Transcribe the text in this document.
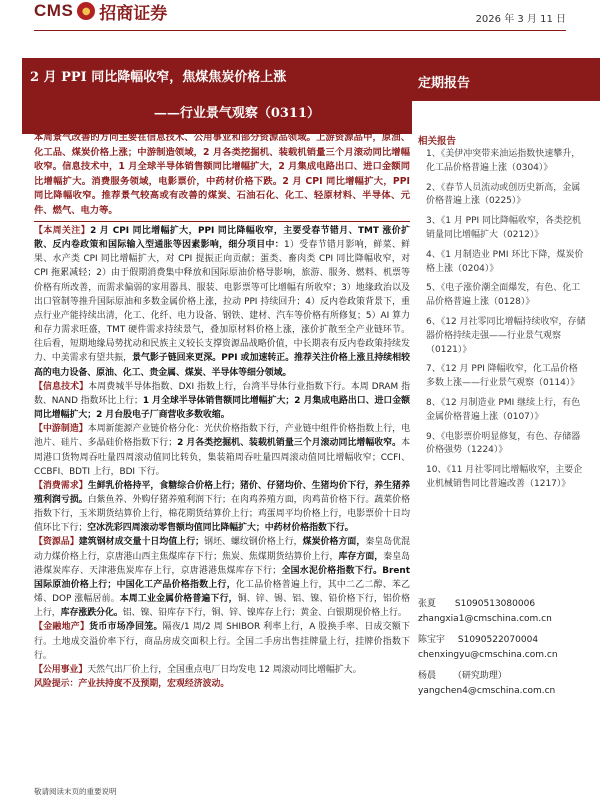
CMS ● 招商证券	2026 年 3 月 11 日
2 月 PPI 同比降幅收窄，焦煤焦炭价格上涨
——行业景气观察（0311）
定期报告
本周景气改善的方向主要在信息技术、公用事业和部分资源品领域。上游资源品中，原油、化工品、煤炭价格上涨；中游制造领域，2 月各类挖掘机、装载机销量三个月滚动同比增幅收窄。信息技术中，1 月全球半导体销售额同比增幅扩大，2 月集成电路出口、进口金额同比增幅扩大。消费服务领域，电影票价，中药材价格下跌。2 月 CPI 同比增幅扩大，PPI 同比降幅收窄。推荐景气较高或有改善的煤炭、石油石化、化工、轻原材料、半导体、元件、燃气、电力等。

【本周关注】2 月 CPI 同比增幅扩大，PPI 同比降幅收窄，主要受春节错月、TMT 涨价扩散、反内卷政策和国际输入型通胀等因素影响，细分项目中：1）受春节错月影响，鲜菜、鲜果、水产类 CPI 同比增幅扩大，对 CPI 提振正向贡献；蛋类、畜肉类 CPI 同比降幅收窄，对 CPI 拖累减轻；2）由于假期消费集中释放和国际原油价格导影响，旅游、服务、燃料、机票等价格有所改善，而需求偏弱的家用器具、服装、电影票等可比增幅有所收窄；3）地缘政治以及出口管制等推升国际原油和多数金属价格上涨，拉动 PPI 持续回升；4）反内卷政策背景下，重点行业产能持续出清，化工、化纤、电力设备、钢铁、建材、汽车等价格有所修复；5）AI 算力和存力需求旺盛，TMT 硬件需求持续景气，叠加原材料价格上涨，涨价扩散至全产业链环节。往后看，短期地缘局势扰动和民族主义较长支撑资源品战略价值，中长期表有反内卷政策持续发力、中美需求有望共振，景气影子链回来更深。PPI 或加速转正。推荐关注价格上涨且持续相较高的电力设备、原油、化工、贵金属、煤炭、半导体等细分领域。

【信息技术】本周费城半导体指数、DXI 指数上行，台湾半导体行业指数下行。本周 DRAM 指数、NAND 指数环比上行；1 月全球半导体销售额同比增幅扩大；2 月集成电路出口、进口金额同比增幅扩大；2 月台股电子厂商营收多数收缩。

【中游制造】本周新能源产业链价格分化：光伏价格指数下行，产业链中组件价格指数上行，电池片、硅片、多晶硅价格指数下行；2 月各类挖掘机、装载机销量三个月滚动同比增幅收窄。本周港口货物周吞吐量四周滚动值同比转负，集装箱周吞吐量四周滚动值同比增幅收窄；CCFI、CCBFI、BDTI 上行，BDI 下行。

【消费需求】生鲜乳价格持平，食糖综合价格上行；猪价、仔猪均价、生猪均价下行，养生猪养殖利润亏损。白紫鱼养、外购仔猪养殖利润下行；在肉鸡养殖方面，肉鸡苗价格下行。蔬菜价格指数下行，玉米期货结算价上行，棉花期货结算价上行；鸡蛋周平均价格上行，电影票价十日均值环比下行；空冰洗彩四周滚动零售额均值同比降幅扩大；中药材价格指数下行。

【资源品】建筑钢材成交量十日均值上行；钢坯、螺纹钢价格上行，煤炭价格方面，秦皇岛优混动力煤价格上行，京唐港山西主焦煤库存下行；焦炭、焦煤期货结算价上行，库存方面，秦皇岛港煤炭库存、天津港焦炭库存上行，京唐港港焦煤库存下行；全国水泥价格指数下行。Brent 国际原油价格上行；中国化工产品价格指数上行，化工品价格普遍上行，其中二乙二醇、苯乙烯、DOP 涨幅居前。本周工业金属价格普遍下行，铜、锌、锡、铝、镍、铅价格下行，铝价格上行，库存涨跌分化。铝、镍、铅库存下行，铜、锌、镍库存上行；黄金、白银期现价格上行。

【金融地产】货币市场净回笼。隔夜/1 周/2 周 SHIBOR 利率上行，A 股换手率、日成交额下行。土地成交溢价率下行，商品房成交面积上行。全国二手房出售挂牌量上行，挂牌价指数下行。

【公用事业】天然气出厂价上行，全国重点电厂日均发电 12 周滚动同比增幅扩大。

风险提示：产业扶持度不及预期，宏观经济波动。

相关报告
1、《美伊冲突带来油运指数快速攀升，化工品价格普遍上涨（0304）》
2、《春节人员流动或创历史新高，金属价格普遍上涨（0225）》
3、《1 月 PPI 同比降幅收窄，各类挖机销量同比增幅扩大（0212）》
4、《1 月制造业 PMI 环比下降，煤炭价格上涨（0204）》
5、《电子涨价潮全面爆发，有色、化工品价格普遍上涨（0128）》
6、《12 月社零同比增幅持续收窄，存储器价格持续走强——行业景气观察（0121）》
7、《12 月 PPI 降幅收窄，化工品价格多数上涨——行业景气观察（0114）》
8、《12 月制造业 PMI 继续上行，有色金属价格普遍上涨（0107）》
9、《电影票价明显修复，有色、存储器价格强势（1224）》
10、《11 月社零同比增幅收窄，主要企业机械销售同比普遍改善（1217）》
张夏 S1090513080006
zhangxia1@cmschina.com.cn
陈宝宇 S1090522070004
chenxingyu@cmschina.com.cn
杨晨 （研究助理）
yangchen4@cmschina.com.cn
敬请阅读末页的重要说明
